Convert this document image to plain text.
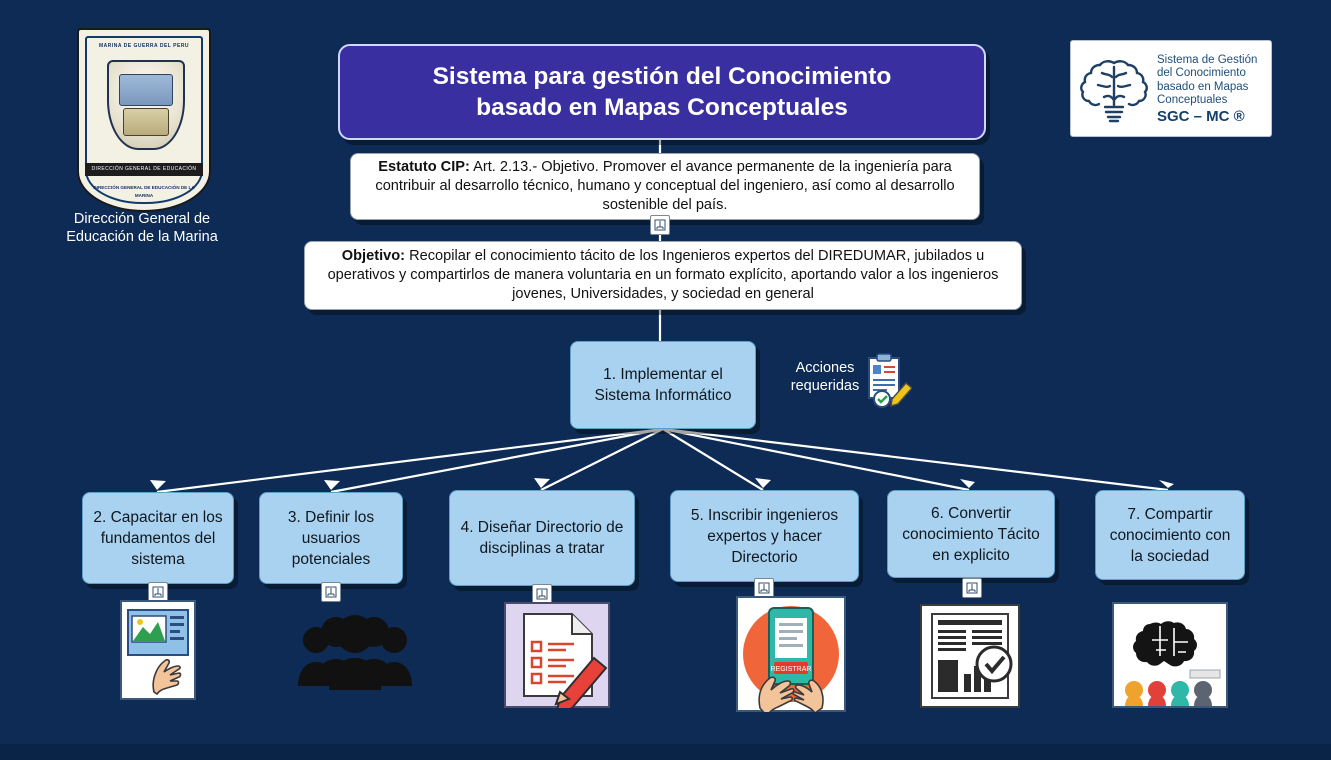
MARINA DE GUERRA DEL PERU
DIRECCIÓN GENERAL DE EDUCACIÓN
DIRECCIÓN GENERAL DE EDUCACIÓN DE LA MARINA
Dirección General de
Educación de la Marina
Sistema de Gestión
del Conocimiento
basado en Mapas
Conceptuales
SGC – MC ®
Sistema para gestión del Conocimiento
basado en Mapas Conceptuales
Estatuto CIP: Art. 2.13.- Objetivo. Promover el avance permanente de la ingeniería para contribuir al desarrollo técnico, humano y conceptual del ingeniero, así como al desarrollo sostenible del país.
Objetivo: Recopilar el conocimiento tácito de los Ingenieros expertos del DIREDUMAR, jubilados u operativos y compartirlos de manera voluntaria en un formato explícito, aportando valor a los ingenieros jovenes, Universidades, y sociedad en general
1. Implementar el Sistema Informático
Acciones
requeridas
2. Capacitar en los fundamentos del sistema
3. Definir los usuarios potenciales
4. Diseñar Directorio de disciplinas a tratar
5. Inscribir ingenieros expertos y hacer Directorio
REGISTRAR
6. Convertir conocimiento Tácito en explicito
7. Compartir conocimiento con la sociedad
